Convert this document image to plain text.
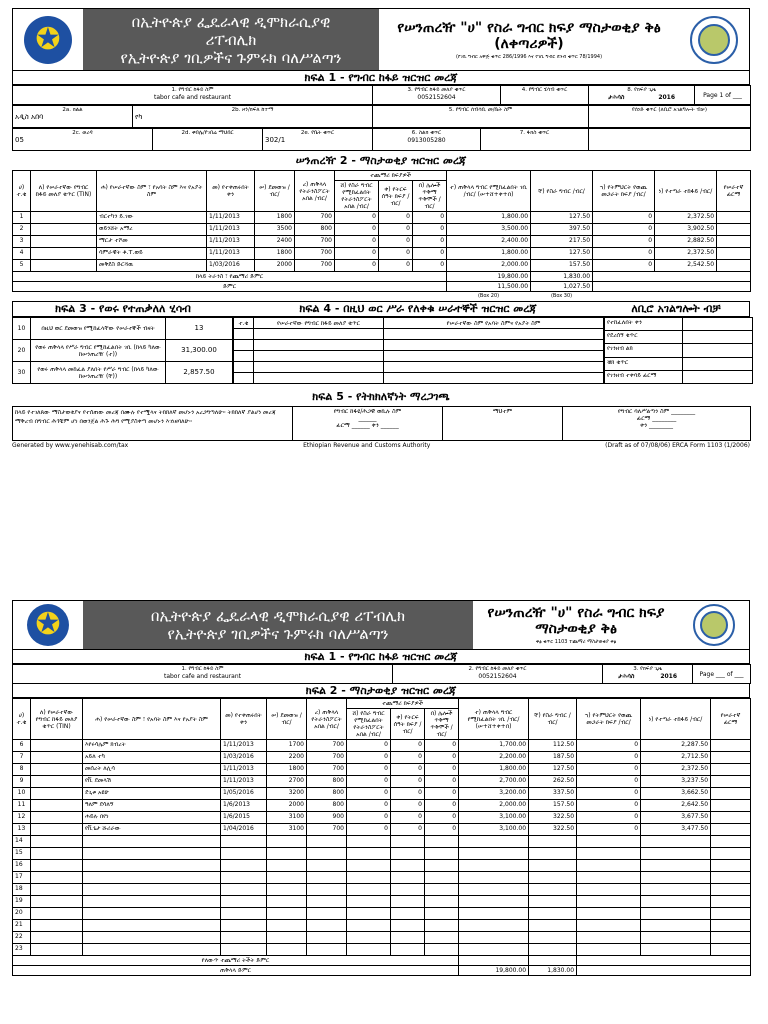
✪	በኢትዮጵያ ፌዴራላዊ ዲሞክራሲያዊ
ሪፐብሊክ
የኢትዮጵያ ገቢዎችና ጉምሩክ ባለሥልጣን
የሠንጠረዥ "ሀ" የስራ ግብር ክፍያ ማስታወቂያ ቅፅ
(ለቀጣሪዎች)
(የገቢ ግብር አዋጅ ቁጥር 286/1996 እና የገቢ ግብር ደንብ ቁጥር 78/1994)
ክፍል 1 - የግብር ከፋይ ዝርዝር መረጃ
1. የግብር ከፋይ ስም
tabor cafe and restaurant

3. የግብር ከፋይ መለያ ቁጥር
0052152604

4. የግብር ሂሳብ ቁጥር	8. የክፍያ ጊዜ
ታሕሳስ	2016	Page 1 of ___
2a. ክልል
አዲስ አበባ

2b. ዞን/ክፍለ ከተማ
የካ

5. የግብር ሰብሳቢ መ/ቤት ስም	የሰነድ ቁጥር (ለቢሮ አገልግሎት ብቻ)
2c. ወረዳ
05

2d. ቀበሌ/የገበሬ ማህበር	2e. የቤት ቁጥር
302/1

6. ስልክ ቁጥር
0913005280

7. ፋክስ ቁጥር

ሠንጠረዥ 2 - ማስታወቂያ ዝርዝር መረጃ
ሀ) ተ.ቁ	ለ) የሠራተኛው የግብር ከፋይ መለያ ቁጥር (TIN)	ሐ) የሠራተኛው ስም ፣ የአባት ስም እና የአያት ስም	መ) የተቀጠሩበት ቀን	ሠ) ደመወዝ /ብር/	ረ) ጠቅላላ የትራንስፖርት አበል /ብር/	ተጨማሪ ክፍያዎች			ተ) ጠቅላላ ግብር የሚከፈልበት ገቢ /ብር/ (ሠ+ሸ+ቀ+በ)	ቸ) የስራ ግብር /ብር/	ኀ) የትምህርት የወጪ መጋራት ክፍያ /ብር/	ነ) የተጣራ ተከፋይ /ብር/	የሠራተኛ ፊርማ
						ሸ) የስራ ግብር የሚከፈልበት የትራንስፖርት አበል /ብር/	ቀ) የትርፍ ሰዓት ክፍያ /ብር/	በ) ሌሎች ጥቅማ ጥቅሞች /ብር/					
1		ብርተካን ይ.ገው	1/11/2013	1800	700	0	0	0	1,800.00	127.50	0	2,372.50	
2		ወይንሸት አማረ	1/11/2013	3500	800	0	0	0	3,500.00	397.50	0	3,902.50	
3		ማርታ ተሾመ	1/11/2013	2400	700	0	0	0	2,400.00	217.50	0	2,882.50	
4		ሳምራዊት ቶ.ፐ.ወይ	1/11/2013	1800	700	0	0	0	1,800.00	127.50	0	2,372.50	
5		መቅደስ ድርሻዉ	1/03/2016	2000	700	0	0	0	2,000.00	157.50	0	2,542.50	
ከላይ ትራንስ ፣ የጨማሪ ድምር									19,800.00	1,830.00			
ድምር									11,500.00	1,027.50			
									(Box 20)	(Box 30)			
ክፍል 3 - የወሩ የተጠቃለለ ሂሳብ	ክፍል 4 - በዚህ ወር ሥራ የለቀቁ ሠራተኞች ዝርዝር መረጃ	ለቢሮ አገልግሎት ብቻ
10	በዚህ ወር ደመወዝ የሚከፈላቸው የሠራተኞች ብዛት	13
20	የወሩ ጠቅላላ የሥራ ግብር የሚከፈልበት ገቢ (ከላይ ካለው ከሠንጠረዥ (ተ))	31,300.00
30	የወሩ ጠቅላላ መከፈል ያለበት የሥራ ግብር (ከላይ ካለው ከሠንጠረዥ (ቸ))	2,857.50
ተ.ቁ	የሠራተኛው የግብር ከፋይ መለያ ቁጥር	የሠራተኛው ስም የአባት ስምና የአያት ስም

			የተከፈለበት ቀን	
የደረሰኝ ቁጥር	
የገንዘብ ልክ	
ቼክ ቁጥር	
የገንዘብ ተቀባይ ፊርማ	
ክፍል 5 - የትክክለኛነት ማረጋገጫ
ከላይ የተገለጸው ማስታወቂያና የተሰጠው መረጃ በሙሉ የተሟላና ትክክለኛ መሆኑን አረጋግጣለሁ። ትክክለኛ ያልሆነ መረጃ ማቅረብ በግብር ሕጎቹም ሆነ በወንጀል ሕጉ ሕግ የሚያስቀጣ መሆኑን እገነዘባለሁ።	
የግብር ከፋዩ/ሕጋዊ ወኪሉ ስም
______
ፊርማ ______ ቀን ______
	ማህተም	የግብር ባለሥልጣን ስም ________
ፊርማ ________
ቀን ________
Generated by www.yenehisab.com/tax	Ethiopian Revenue and Customs Authority	(Draft as of 07/08/06) ERCA Form 1103 (1/2006)
✪	በኢትዮጵያ ፌዴራላዊ ዲሞክራሲያዊ ሪፐብሊክ
የኢትዮጵያ ገቢዎችና ጉምሩክ ባለሥልጣን
የሠንጠረዥ "ሀ" የስራ ግብር ክፍያ ማስታወቂያ ቅፅ
ቅፅ ቁጥር 1103 ተጨማሪ ማስታወቂያ ቅፅ
ክፍል 1 - የግብር ከፋይ ዝርዝር መረጃ
1. የግብር ከፋይ ስም
tabor cafe and restaurant

2. የግብር ከፋይ መለያ ቁጥር
0052152604

3. የክፍያ ጊዜ
ታሕሳስ	2016	Page ___ of ___
ክፍል 2 - ማስታወቂያ ዝርዝር መረጃ
ሀ) ተ.ቁ	ለ) የሠራተኛው የግብር ከፋይ መለያ ቁጥር (TIN)	ሐ) የሠራተኛው ስም ፣ የአባት ስም እና የአያት ስም	መ) የተቀጠሩበት ቀን	ሠ) ደመወዝ /ብር/	ረ) ጠቅላላ የትራንስፖርት አበል /ብር/	ተጨማሪ ክፍያዎች			ተ) ጠቅላላ ግብር የሚከፈልበት ገቢ /ብር/ (ሠ+ሸ+ቀ+በ)	ቸ) የስራ ግብር /ብር/	ኀ) የትምህርት የወጪ መጋራት ክፍያ /ብር/	ነ) የተጣራ ተከፋይ /ብር/	የሠራተኛ ፊርማ
						ሸ) የስራ ግብር የሚከፈልበት የትራንስፖርት አበል /ብር/	ቀ) የትርፍ ሰዓት ክፍያ /ብር/	በ) ሌሎች ጥቅማ ጥቅሞች /ብር/					
6		እየሩሳሌም ክብረት	1/11/2013	1700	700	0	0	0	1,700.00	112.50	0	2,287.50	
7		አይለ ተካ	1/03/2016	2200	700	0	0	0	2,200.00	187.50	0	2,712.50	
8		መሰረት ለሊሳ	1/11/2013	1800	700	0	0	0	1,800.00	127.50	0	2,372.50	
9		የቪ ደመላሽ	1/11/2013	2700	800	0	0	0	2,700.00	262.50	0	3,237.50	
10		ደጊቱ አዩሁ	1/05/2016	3200	800	0	0	0	3,200.00	337.50	0	3,662.50	
11		ዓለም ደሳለኝ	1/6/2013	2000	800	0	0	0	2,000.00	157.50	0	2,642.50	
12		ሐይሉ በየነ	1/6/2015	3100	900	0	0	0	3,100.00	322.50	0	3,677.50	
13		የቪጌታ ሹሪራው	1/04/2016	3100	700	0	0	0	3,100.00	322.50	0	3,477.50	
14													
15													
16													
17													
18													
19													
20													
21													
22													
23													
የለውጥ ተጨማሪ ትችት ድምር													
ጠቅላላ ድምር									19,800.00	1,830.00			
